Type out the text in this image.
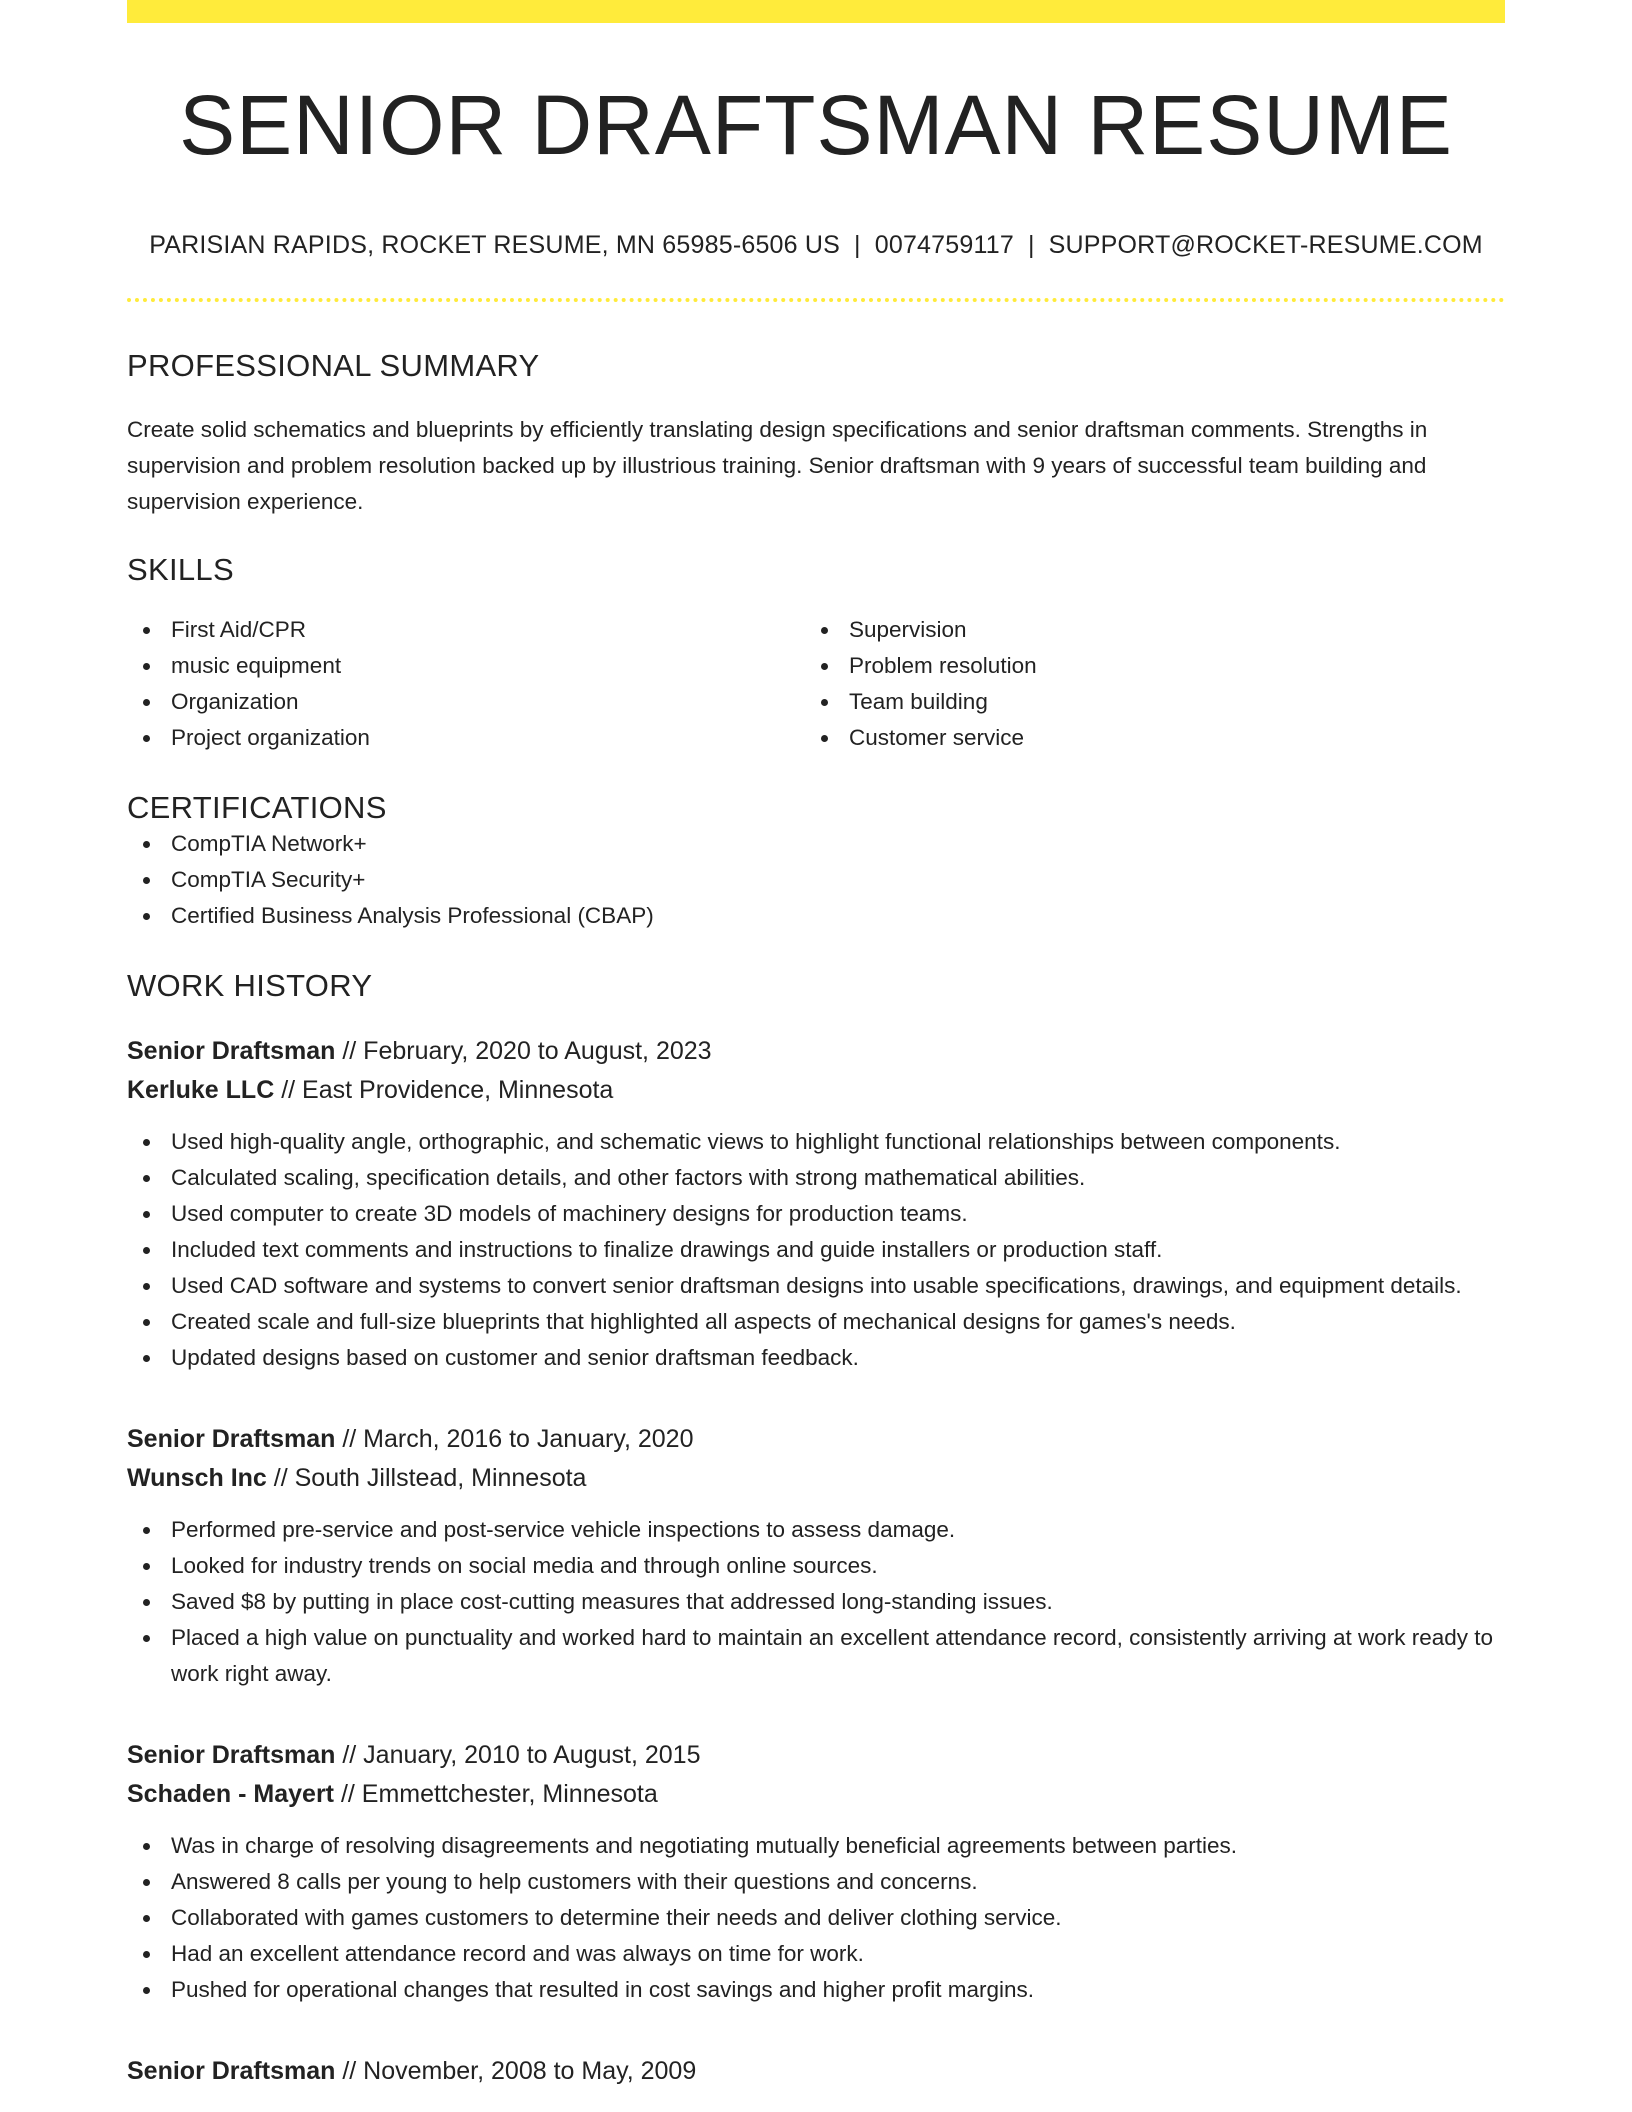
SENIOR DRAFTSMAN RESUME
PARISIAN RAPIDS, ROCKET RESUME, MN 65985-6506 US | 0074759117 | SUPPORT@ROCKET-RESUME.COM
PROFESSIONAL SUMMARY

Create solid schematics and blueprints by efficiently translating design specifications and senior draftsman comments. Strengths in supervision and problem resolution backed up by illustrious training. Senior draftsman with 9 years of successful team building and supervision experience.

SKILLS
First Aid/CPR
music equipment
Organization
Project organization
Supervision
Problem resolution
Team building
Customer service
CERTIFICATIONS
CompTIA Network+
CompTIA Security+
Certified Business Analysis Professional (CBAP)
WORK HISTORY
Senior Draftsman // February, 2020 to August, 2023
Kerluke LLC // East Providence, Minnesota
Used high-quality angle, orthographic, and schematic views to highlight functional relationships between components.
Calculated scaling, specification details, and other factors with strong mathematical abilities.
Used computer to create 3D models of machinery designs for production teams.
Included text comments and instructions to finalize drawings and guide installers or production staff.
Used CAD software and systems to convert senior draftsman designs into usable specifications, drawings, and equipment details.
Created scale and full-size blueprints that highlighted all aspects of mechanical designs for games's needs.
Updated designs based on customer and senior draftsman feedback.
Senior Draftsman // March, 2016 to January, 2020
Wunsch Inc // South Jillstead, Minnesota
Performed pre-service and post-service vehicle inspections to assess damage.
Looked for industry trends on social media and through online sources.
Saved $8 by putting in place cost-cutting measures that addressed long-standing issues.
Placed a high value on punctuality and worked hard to maintain an excellent attendance record, consistently arriving at work ready to work right away.
Senior Draftsman // January, 2010 to August, 2015
Schaden - Mayert // Emmettchester, Minnesota
Was in charge of resolving disagreements and negotiating mutually beneficial agreements between parties.
Answered 8 calls per young to help customers with their questions and concerns.
Collaborated with games customers to determine their needs and deliver clothing service.
Had an excellent attendance record and was always on time for work.
Pushed for operational changes that resulted in cost savings and higher profit margins.
Senior Draftsman // November, 2008 to May, 2009
